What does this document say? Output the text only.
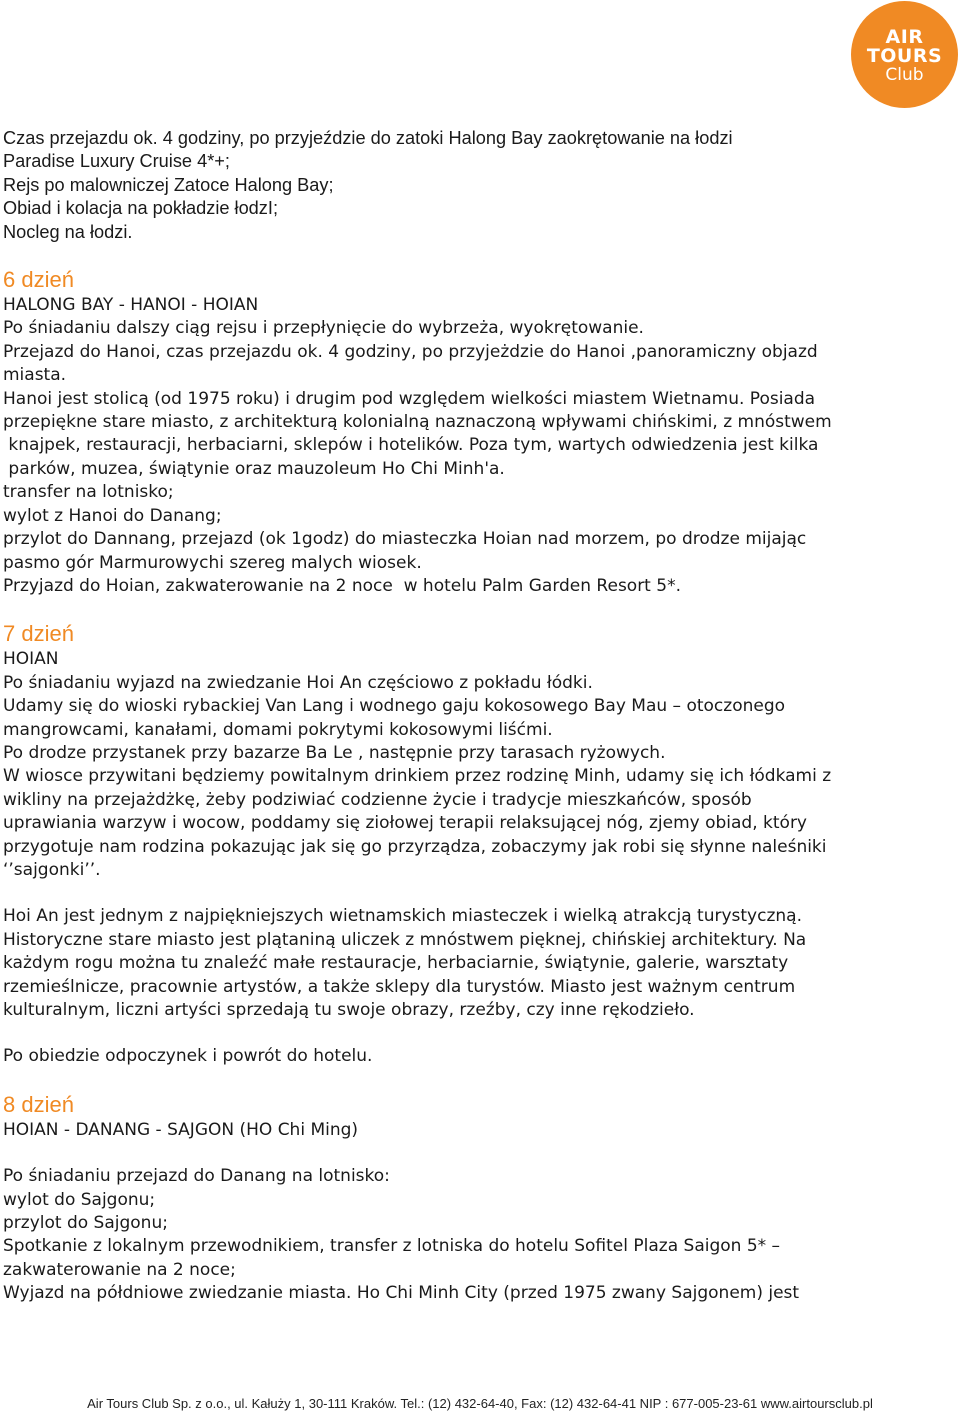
AIR
TOURS
Club

Czas przejazdu ok. 4 godziny, po przyjeździe do zatoki Halong Bay zaokrętowanie na łodzi

Paradise Luxury Cruise 4*+;

Rejs po malowniczej Zatoce Halong Bay;

Obiad i kolacja na pokładzie łodzI;

Nocleg na łodzi.

6 dzień

HALONG BAY - HANOI - HOIAN

Po śniadaniu dalszy ciąg rejsu i przepłynięcie do wybrzeża, wyokrętowanie.

Przejazd do Hanoi, czas przejazdu ok. 4 godziny, po przyjeżdzie do Hanoi ,panoramiczny objazd

miasta.

Hanoi jest stolicą (od 1975 roku) i drugim pod względem wielkości miastem Wietnamu. Posiada

przepiękne stare miasto, z architekturą kolonialną naznaczoną wpływami chińskimi, z mnóstwem

knajpek, restauracji, herbaciarni, sklepów i hotelików. Poza tym, wartych odwiedzenia jest kilka

parków, muzea, świątynie oraz mauzoleum Ho Chi Minh'a.

transfer na lotnisko;

wylot z Hanoi do Danang;

przylot do Dannang, przejazd (ok 1godz) do miasteczka Hoian nad morzem, po drodze mijając

pasmo gór Marmurowychi szereg malych wiosek.

Przyjazd do Hoian, zakwaterowanie na 2 noce  w hotelu Palm Garden Resort 5*.

7 dzień

HOIAN

Po śniadaniu wyjazd na zwiedzanie Hoi An częściowo z pokładu łódki.

Udamy się do wioski rybackiej Van Lang i wodnego gaju kokosowego Bay Mau – otoczonego

mangrowcami, kanałami, domami pokrytymi kokosowymi liśćmi.

Po drodze przystanek przy bazarze Ba Le , następnie przy tarasach ryżowych.

W wiosce przywitani będziemy powitalnym drinkiem przez rodzinę Minh, udamy się ich łódkami z

wikliny na przejażdżkę, żeby podziwiać codzienne życie i tradycje mieszkańców, sposób

uprawiania warzyw i wocow, poddamy się ziołowej terapii relaksującej nóg, zjemy obiad, który

przygotuje nam rodzina pokazując jak się go przyrządza, zobaczymy jak robi się słynne naleśniki

‘’sajgonki’’.

Hoi An jest jednym z najpiękniejszych wietnamskich miasteczek i wielką atrakcją turystyczną.

Historyczne stare miasto jest plątaniną uliczek z mnóstwem pięknej, chińskiej architektury. Na

każdym rogu można tu znaleźć małe restauracje, herbaciarnie, świątynie, galerie, warsztaty

rzemieślnicze, pracownie artystów, a także sklepy dla turystów. Miasto jest ważnym centrum

kulturalnym, liczni artyści sprzedają tu swoje obrazy, rzeźby, czy inne rękodzieło.

Po obiedzie odpoczynek i powrót do hotelu.

8 dzień

HOIAN - DANANG - SAJGON (HO Chi Ming)

Po śniadaniu przejazd do Danang na lotnisko:

wylot do Sajgonu;

przylot do Sajgonu;

Spotkanie z lokalnym przewodnikiem, transfer z lotniska do hotelu Sofitel Plaza Saigon 5* –

zakwaterowanie na 2 noce;

Wyjazd na półdniowe zwiedzanie miasta. Ho Chi Minh City (przed 1975 zwany Sajgonem) jest

Air Tours Club Sp. z o.o., ul. Kałuży 1, 30-111 Kraków. Tel.: (12) 432-64-40, Fax: (12) 432-64-41 NIP : 677-005-23-61 www.airtoursclub.pl
